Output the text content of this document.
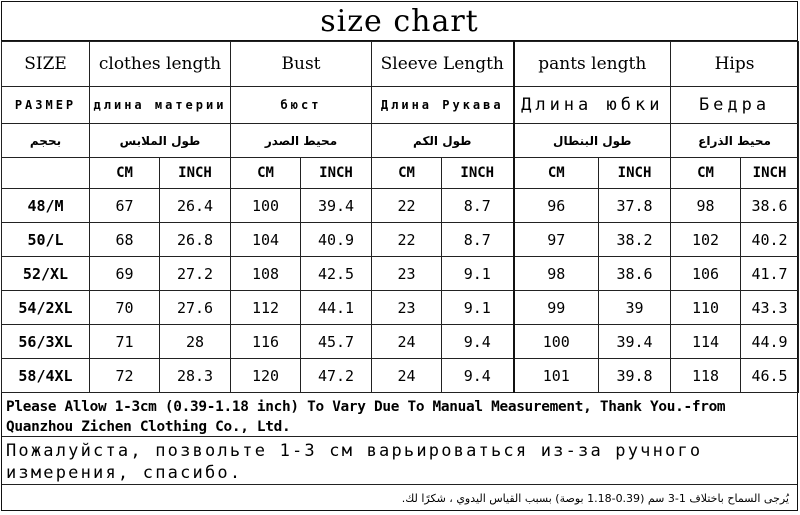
size chart
SIZE	clothes length		Bust		Sleeve Length		pants length		Hips	
РАЗМЕР	длина материи		бюст		Длина Рукава		Длина юбки		Бедра	
بحجم	طول الملابس		محيط الصدر		طول الكم		طول البنطال		محيط الذراع	
	CM	INCH	CM	INCH	CM	INCH	CM	INCH	CM	INCH
48/M	67	26.4	100	39.4	22	8.7	96	37.8	98	38.6
50/L	68	26.8	104	40.9	22	8.7	97	38.2	102	40.2
52/XL	69	27.2	108	42.5	23	9.1	98	38.6	106	41.7
54/2XL	70	27.6	112	44.1	23	9.1	99	39	110	43.3
56/3XL	71	28	116	45.7	24	9.4	100	39.4	114	44.9
58/4XL	72	28.3	120	47.2	24	9.4	101	39.8	118	46.5
Please Allow 1-3cm (0.39-1.18 inch) To Vary Due To Manual Measurement, Thank You.-from Quanzhou Zichen Clothing Co., Ltd.
Пожалуйста, позвольте 1-3 см варьироваться из-за ручного измерения, спасибо.
يُرجى السماح باختلاف 1-3 سم (0.39-1.18 بوصة) بسبب القياس اليدوي ، شكرًا لك.
